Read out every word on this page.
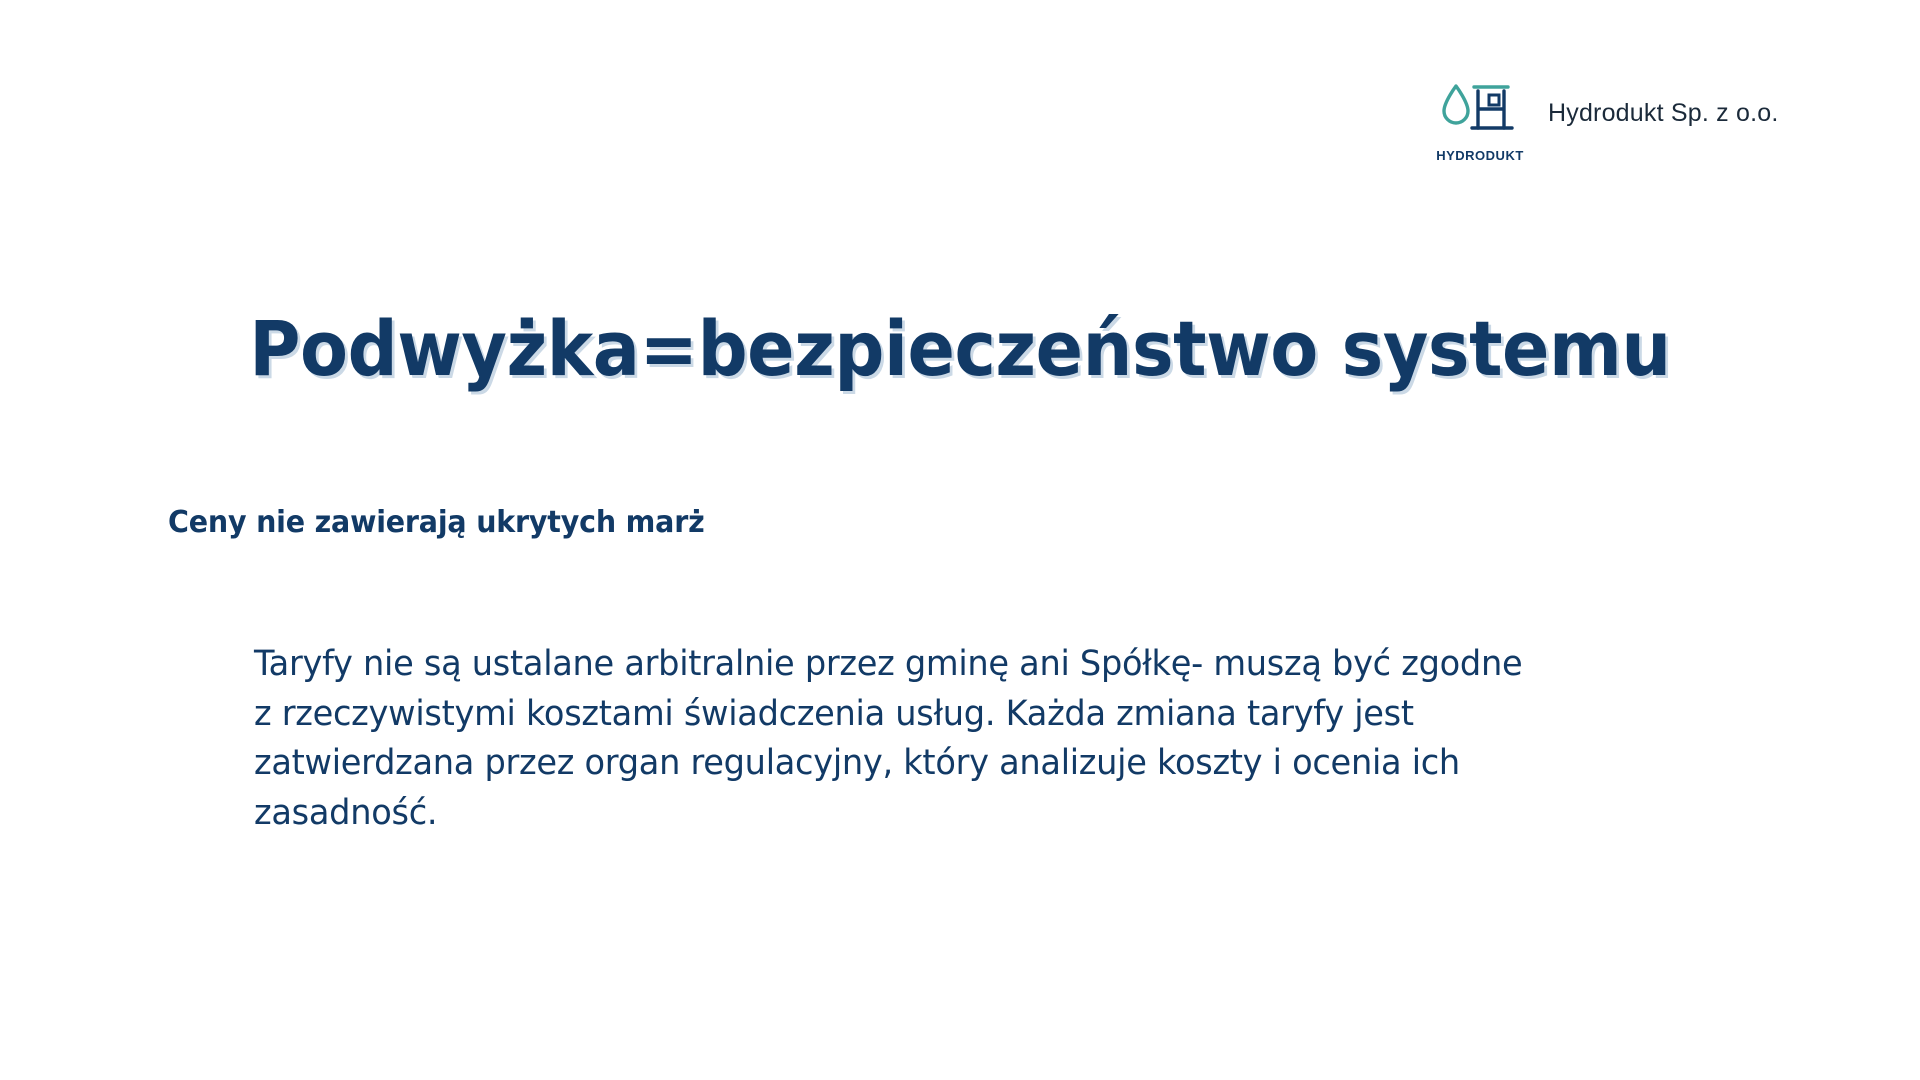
HYDRODUKT
Hydrodukt Sp. z o.o.
Podwyżka=bezpieczeństwo systemu
Ceny nie zawierają ukrytych marż

Taryfy nie są ustalane arbitralnie przez gminę ani Spółkę- muszą być zgodne z rzeczywistymi kosztami świadczenia usług. Każda zmiana taryfy jest zatwierdzana przez organ regulacyjny, który analizuje koszty i ocenia ich zasadność.
